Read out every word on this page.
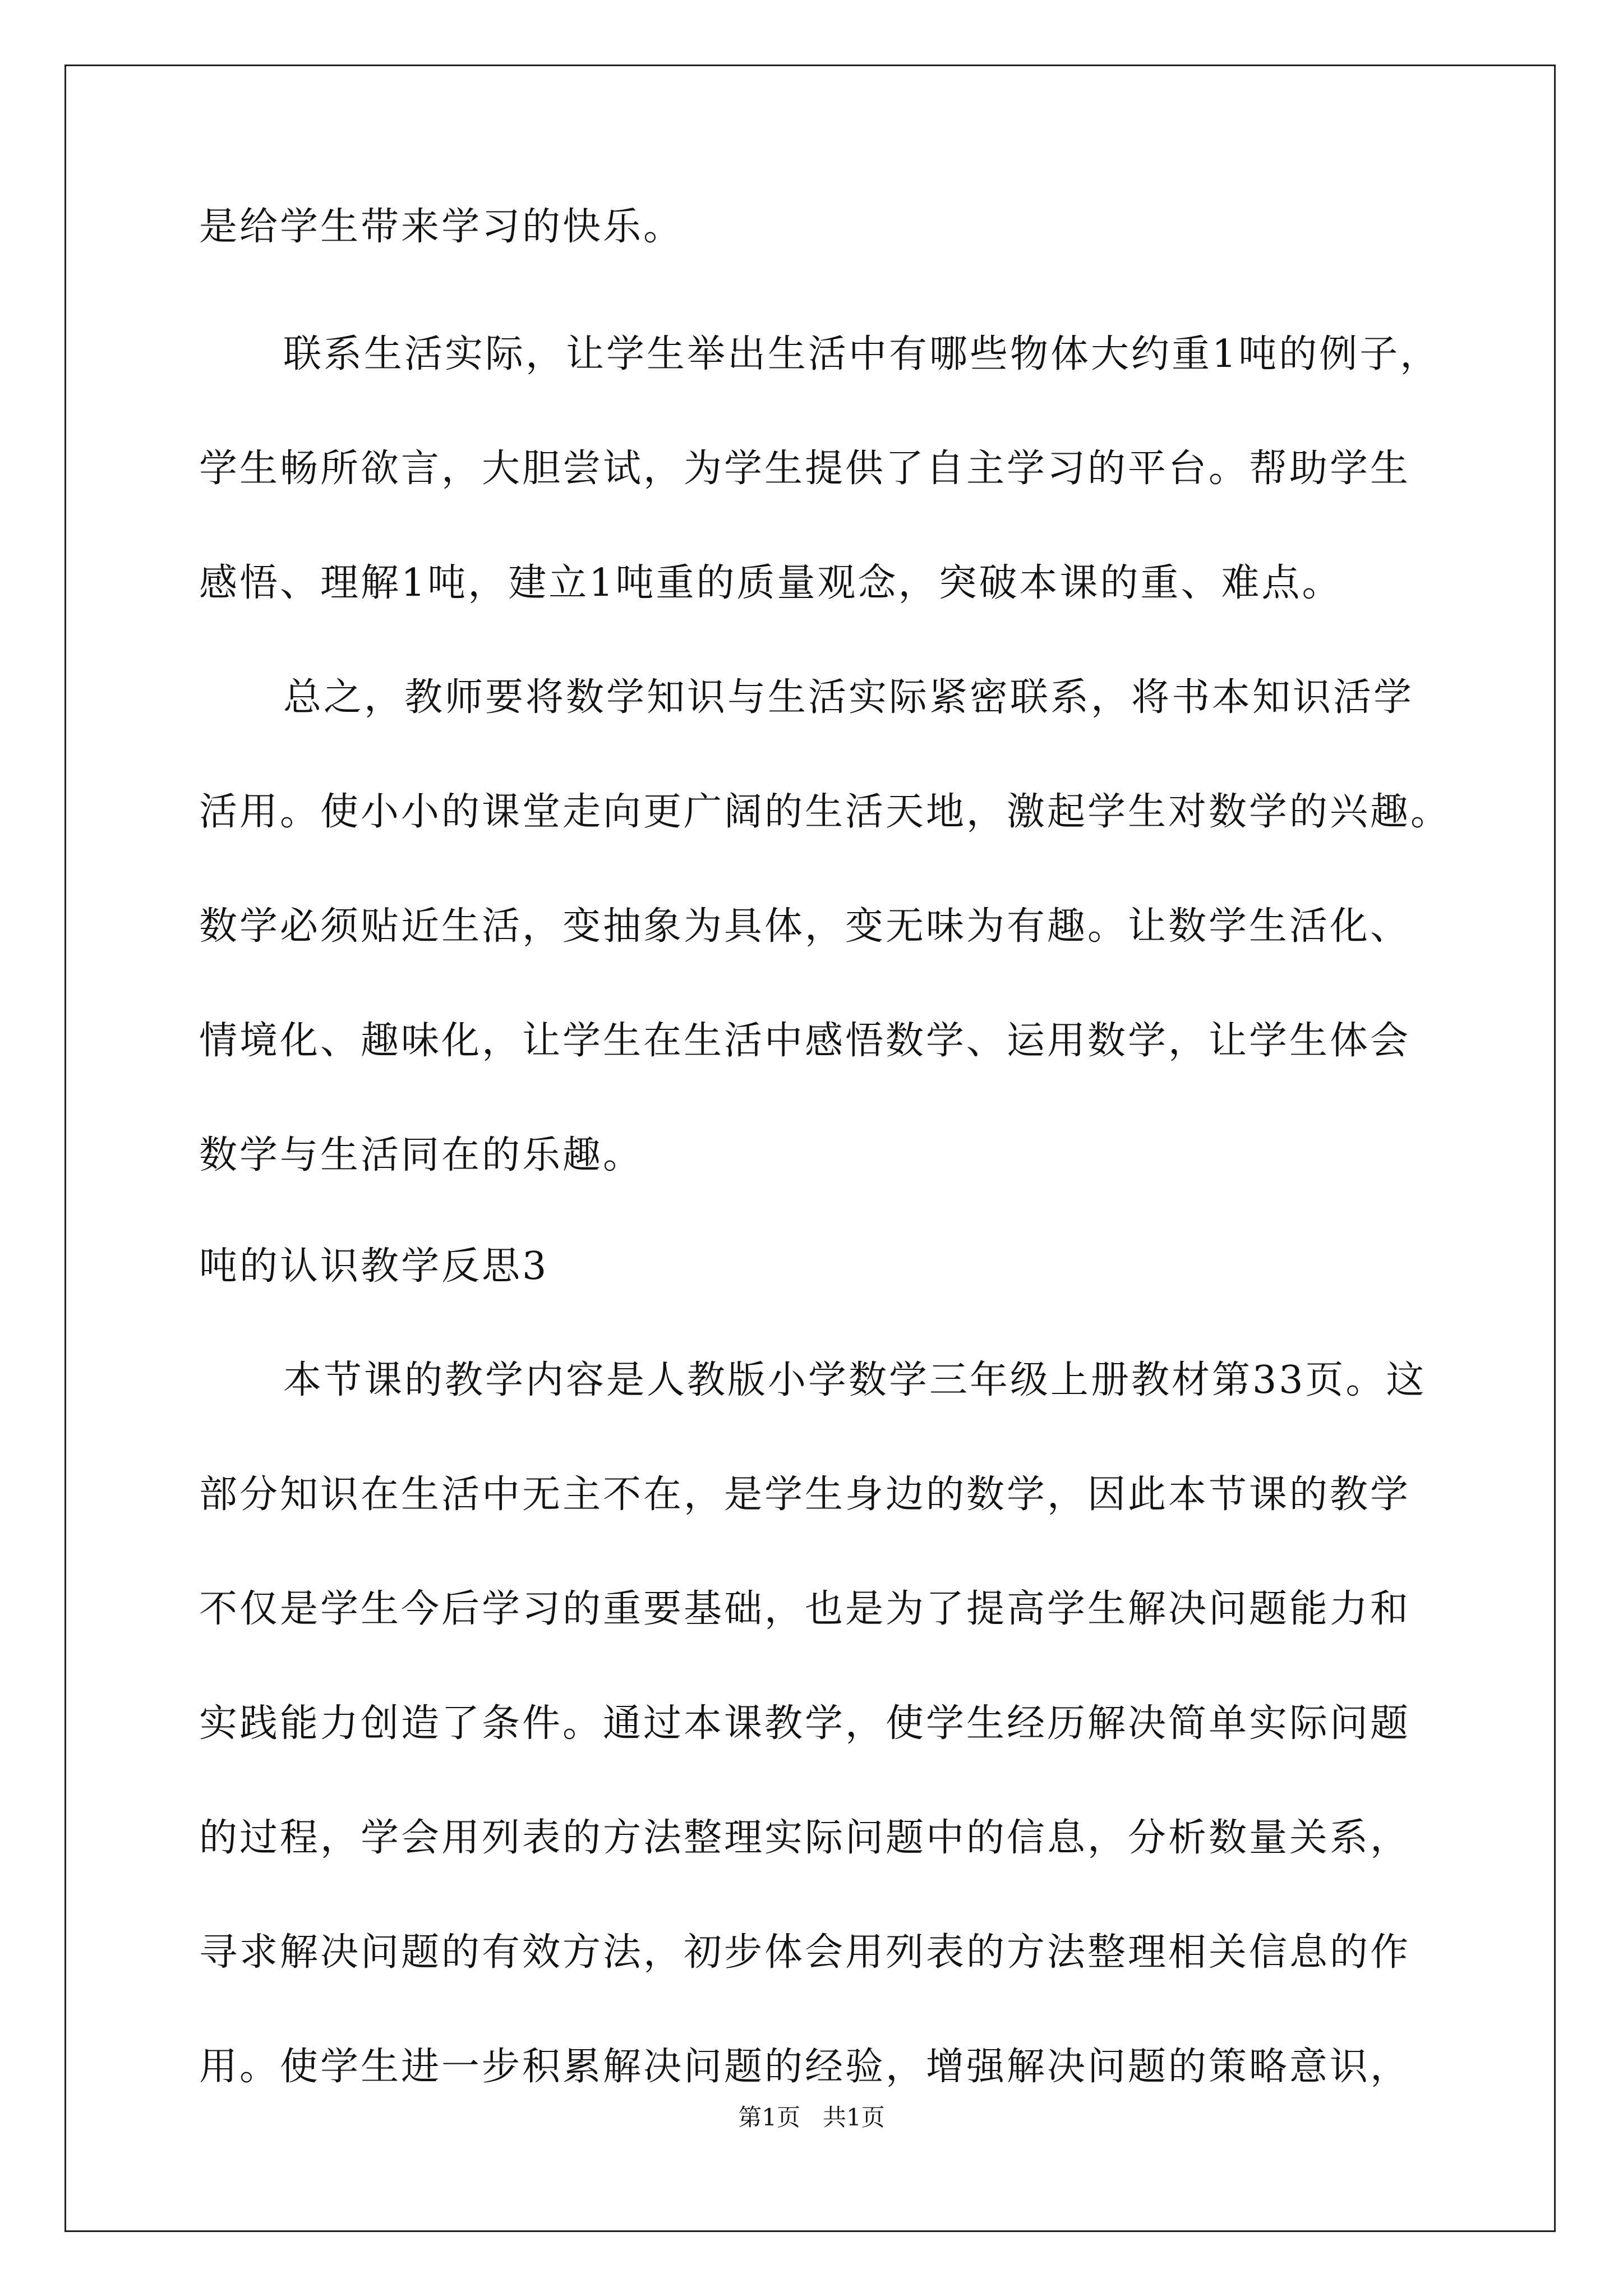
是给学生带来学习的快乐。
联系生活实际，让学生举出生活中有哪些物体大约重1吨的例子，
学生畅所欲言，大胆尝试，为学生提供了自主学习的平台。帮助学生
感悟、理解1吨，建立1吨重的质量观念，突破本课的重、难点。
总之，教师要将数学知识与生活实际紧密联系，将书本知识活学
活用。使小小的课堂走向更广阔的生活天地，激起学生对数学的兴趣。
数学必须贴近生活，变抽象为具体，变无味为有趣。让数学生活化、
情境化、趣味化，让学生在生活中感悟数学、运用数学，让学生体会
数学与生活同在的乐趣。
吨的认识教学反思3
本节课的教学内容是人教版小学数学三年级上册教材第33页。这
部分知识在生活中无主不在，是学生身边的数学，因此本节课的教学
不仅是学生今后学习的重要基础，也是为了提高学生解决问题能力和
实践能力创造了条件。通过本课教学，使学生经历解决简单实际问题
的过程，学会用列表的方法整理实际问题中的信息，分析数量关系，
寻求解决问题的有效方法，初步体会用列表的方法整理相关信息的作
用。使学生进一步积累解决问题的经验，增强解决问题的策略意识，
第1页   共1页
